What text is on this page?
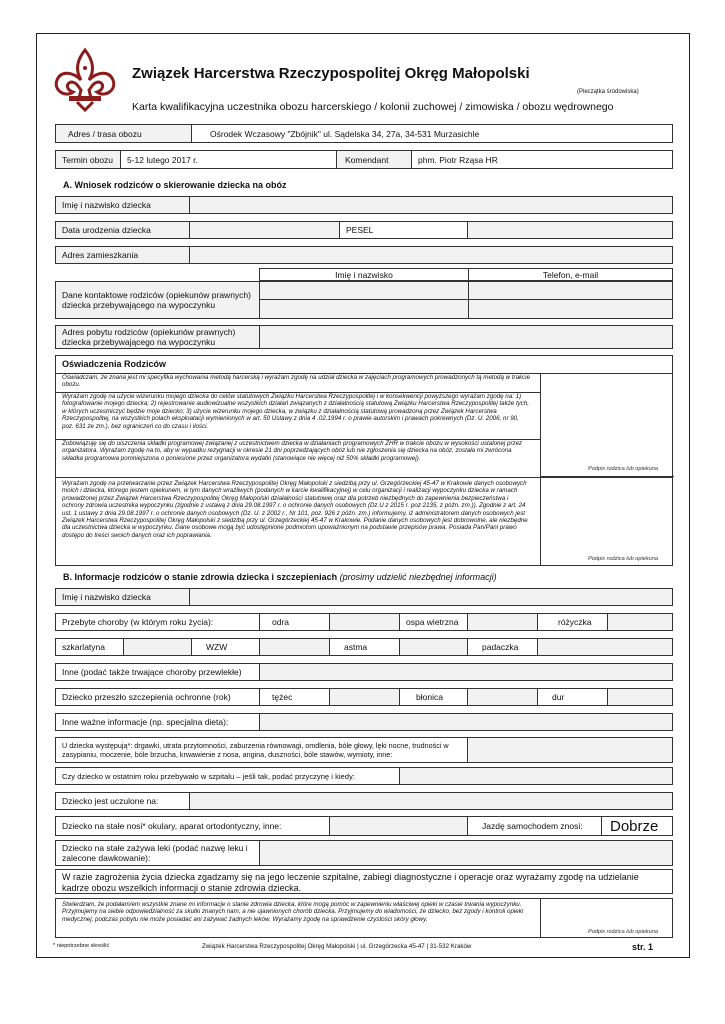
Związek Harcerstwa Rzeczypospolitej Okręg Małopolski
(Pieczątka środowiska)
Karta kwalifikacyjna uczestnika obozu harcerskiego / kolonii zuchowej / zimowiska / obozu wędrownego
Adres / trasa obozu	Ośrodek Wczasowy "Zbójnik" ul. Sądelska 34, 27a, 34-531 Murzasichle
Termin obozu	5-12 lutego 2017 r.	Komendant	phm. Piotr Rząsa HR
A. Wniosek rodziców o skierowanie dziecka na obóz
Imię i nazwisko dziecka
Data urodzenia dziecka	PESEL
Adres zamieszkania
Imię i nazwisko	Telefon, e-mail
Dane kontaktowe rodziców (opiekunów prawnych) dziecka przebywającego na wypoczynku
Adres pobytu rodziców (opiekunów prawnych) dziecka przebywającego na wypoczynku
Oświadczenia Rodziców
Oświadczam, że znana jest mi specyfika wychowania metodą harcerską i wyrażam zgodę na udział dziecka w zajęciach programowych prowadzonych tą metodą w trakcie obozu.
Wyrażam zgodę na użycie wizerunku mojego dziecka do celów statutowych Związku Harcerstwa Rzeczypospolitej i w konsekwencji powyższego wyrażam zgodę na: 1) fotografowanie mojego dziecka; 2) rejestrowanie audiowizualne wszystkich działań związanych z działalnością statutową Związku Harcerstwa Rzeczypospolitej także tych, w których uczestniczyć będzie moje dziecko; 3) użycie wizerunku mojego dziecka, w związku z działalnością statutową prowadzoną przez Związek Harcerstwa Rzeczypospolitej, na wszystkich polach eksploatacji wymienionych w art. 50 Ustawy z dnia 4 .02.1994 r. o prawie autorskim i prawach pokrewnych (Dz. U. 2006, nr 90, poz. 631 ze zm.), bez ograniczeń co do czasu i ilości.
Zobowiązuję się do uiszczenia składki programowej związanej z uczestnictwem dziecka w działaniach programowych ZHR w trakcie obozu w wysokości ustalonej przez organizatora. Wyrażam zgodę na to, aby w wypadku rezygnacji w okresie 21 dni poprzedzających obóz lub nie zgłoszenia się dziecka na obóz, została mi zwrócona składka programowa pomniejszona o poniesione przez organizatora wydatki (stanowiące nie więcej niż 50% składki programowej).
Podpis rodzica lub opiekuna
Wyrażam zgodę na przetwarzanie przez Związek Harcerstwa Rzeczypospolitej Okręg Małopolski z siedzibą przy ul. Grzegórzeckiej 45-47 w Krakowie danych osobowych moich i dziecka, którego jestem opiekunem, w tym danych wrażliwych (podanych w karcie kwalifikacyjnej) w celu organizacji i realizacji wypoczynku dziecka w ramach prowadzonej przez Związek Harcerstwa Rzeczypospolitej Okręg Małopolski działalności statutowej oraz dla potrzeb niezbędnych do zapewnienia bezpieczeństwa i ochrony zdrowia uczestnika wypoczynku (zgodnie z ustawą z dnia 29.08.1997 r. o ochronie danych osobowych (Dz.U z 2015 r. poz 2135, z późn. zm.)). Zgodnie z art. 24 ust. 1 ustawy z dnia 29.08.1997 r. o ochronie danych osobowych (Dz. U. z 2002 r., Nr 101, poz. 926 z późn. zm.) informujemy, iż administratorem danych osobowych jest Związek Harcerstwa Rzeczypospolitej Okręg Małopolski z siedzibą przy ul. Grzegórzeckiej 45-47 w Krakowie. Podanie danych osobowych jest dobrowolne, ale niezbędne dla uczestnictwa dziecka w wypoczynku. Dane osobowe mogą być udostępnione podmiotom upoważnionym na podstawie przepisów prawa. Posiada Pan/Pani prawo dostępu do treści swoich danych oraz ich poprawiania.
Podpis rodzica lub opiekuna
B. Informacje rodziców o stanie zdrowia dziecka i szczepieniach (prosimy udzielić niezbędnej informacji)
Imię i nazwisko dziecka
Przebyte choroby (w którym roku życia):	odra	ospa wietrzna	różyczka
szkarlatyna	WZW	astma	padaczka
Inne (podać także trwające choroby przewlekłe)
Dziecko przeszło szczepienia ochronne (rok)	tężec	błonica	dur
Inne ważne informacje (np. specjalna dieta):
U dziecka występują*: drgawki, utrata przytomności, zaburzenia równowagi, omdlenia, bóle głowy, lęki nocne, trudności w zasypianiu, moczenie, bóle brzucha, krwawienie z nosa, angina, duszności, bóle stawów, wymioty, inne:
Czy dziecko w ostatnim roku przebywało w szpitalu – jeśli tak, podać przyczynę i kiedy:
Dziecko jest uczulone na:
Dziecko na stałe nosi* okulary, aparat ortodontyczny, inne:	Jazdę samochodem znosi:	Dobrze
Dziecko na stałe zażywa leki (podać nazwę leku i zalecone dawkowanie):
W razie zagrożenia życia dziecka zgadzamy się na jego leczenie szpitalne, zabiegi diagnostyczne i operacje oraz wyrażamy zgodę na udzielanie kadrze obozu wszelkich informacji o stanie zdrowia dziecka.
Stwierdzam, że podałam/em wszystkie znane mi informacje o stanie zdrowia dziecka, które mogą pomóc w zapewnieniu właściwej opieki w czasie trwania wypoczynku. Przyjmujemy na siebie odpowiedzialność za skutki znanych nam, a nie ujawnionych chorób dziecka. Przyjmujemy do wiadomości, że dziecko, bez zgody i kontroli opieki medycznej, podczas pobytu nie może posiadać ani zażywać żadnych leków. Wyrażamy zgodę na sprawdzenie czystości skóry głowy.
Podpis rodzica lub opiekuna
* niepotrzebne skreślić	Związek Harcerstwa Rzeczypospolitej Okręg Małopolski | ul. Grzegórzecka 45-47 | 31-532 Kraków	str. 1
